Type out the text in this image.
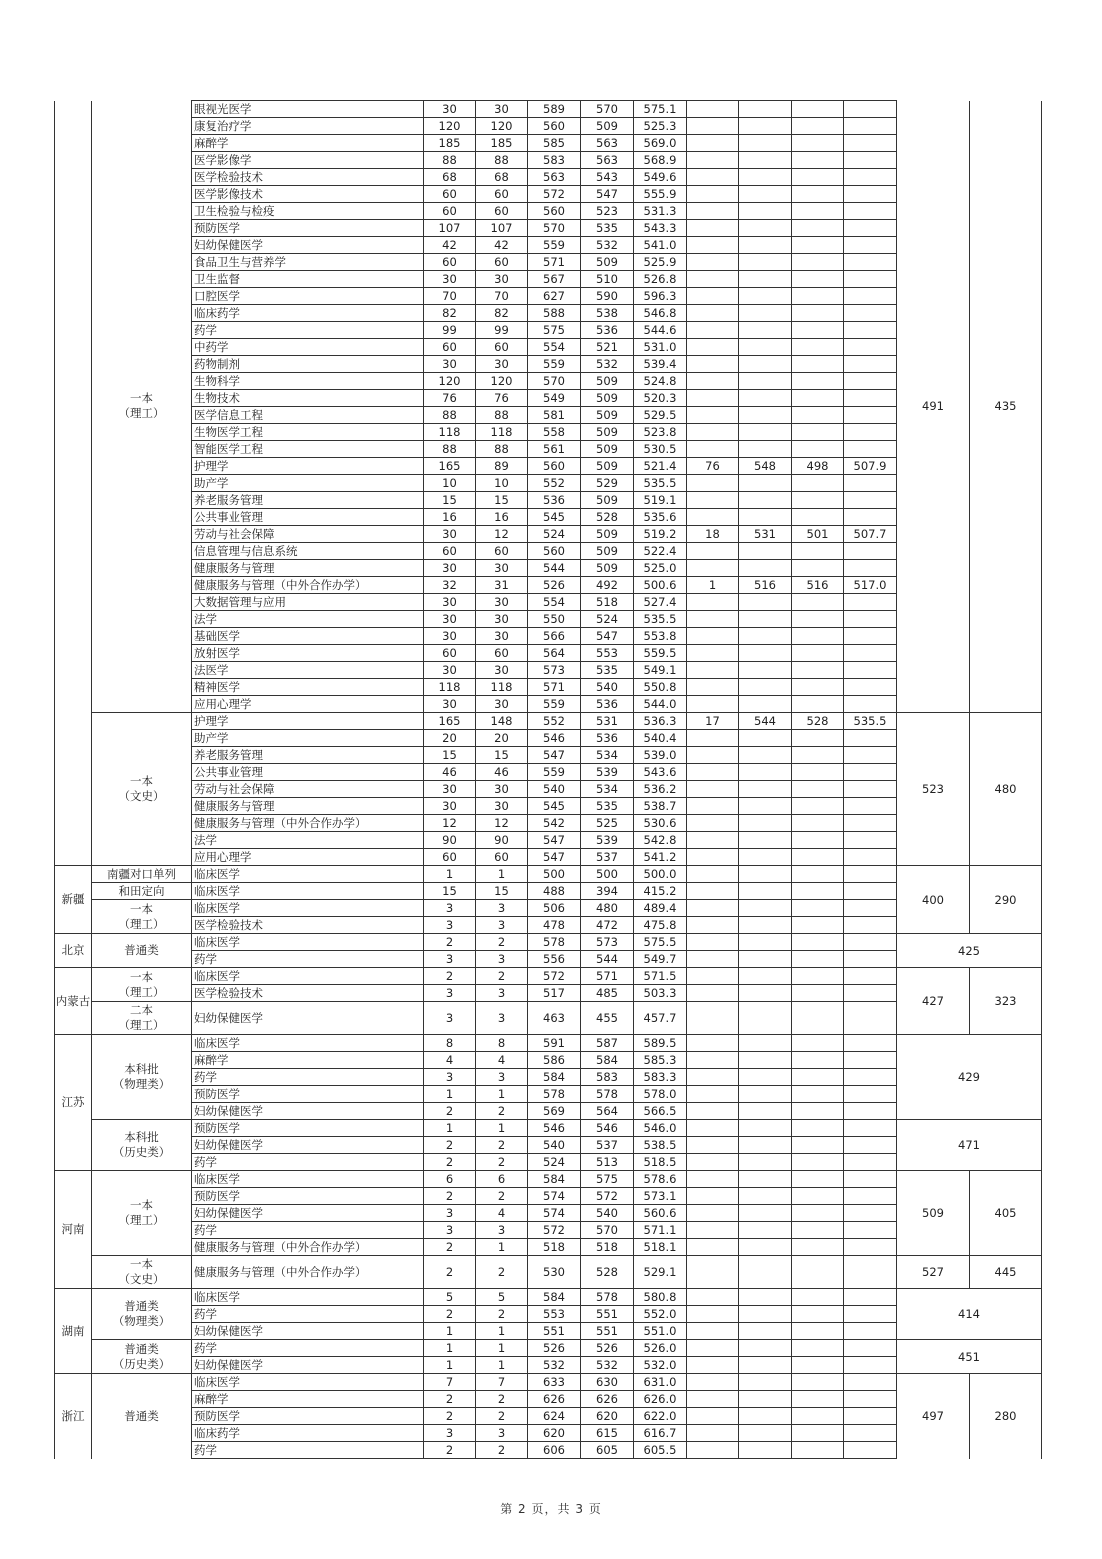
	一本
（理工）	眼视光医学	30	30	589	570	575.1					491	435
		康复治疗学	120	120	560	509	525.3						
		麻醉学	185	185	585	563	569.0						
		医学影像学	88	88	583	563	568.9						
		医学检验技术	68	68	563	543	549.6						
		医学影像技术	60	60	572	547	555.9						
		卫生检验与检疫	60	60	560	523	531.3						
		预防医学	107	107	570	535	543.3						
		妇幼保健医学	42	42	559	532	541.0						
		食品卫生与营养学	60	60	571	509	525.9						
		卫生监督	30	30	567	510	526.8						
		口腔医学	70	70	627	590	596.3						
		临床药学	82	82	588	538	546.8						
		药学	99	99	575	536	544.6						
		中药学	60	60	554	521	531.0						
		药物制剂	30	30	559	532	539.4						
		生物科学	120	120	570	509	524.8						
		生物技术	76	76	549	509	520.3						
		医学信息工程	88	88	581	509	529.5						
		生物医学工程	118	118	558	509	523.8						
		智能医学工程	88	88	561	509	530.5						
		护理学	165	89	560	509	521.4	76	548	498	507.9		
		助产学	10	10	552	529	535.5						
		养老服务管理	15	15	536	509	519.1						
		公共事业管理	16	16	545	528	535.6						
		劳动与社会保障	30	12	524	509	519.2	18	531	501	507.7		
		信息管理与信息系统	60	60	560	509	522.4						
		健康服务与管理	30	30	544	509	525.0						
		健康服务与管理（中外合作办学）	32	31	526	492	500.6	1	516	516	517.0		
		大数据管理与应用	30	30	554	518	527.4						
		法学	30	30	550	524	535.5						
		基础医学	30	30	566	547	553.8						
		放射医学	60	60	564	553	559.5						
		法医学	30	30	573	535	549.1						
		精神医学	118	118	571	540	550.8						
		应用心理学	30	30	559	536	544.0						
	一本
（文史）	护理学	165	148	552	531	536.3	17	544	528	535.5	523	480
		助产学	20	20	546	536	540.4						
		养老服务管理	15	15	547	534	539.0						
		公共事业管理	46	46	559	539	543.6						
		劳动与社会保障	30	30	540	534	536.2						
		健康服务与管理	30	30	545	535	538.7						
		健康服务与管理（中外合作办学）	12	12	542	525	530.6						
		法学	90	90	547	539	542.8						
		应用心理学	60	60	547	537	541.2						
新疆	南疆对口单列	临床医学	1	1	500	500	500.0					400	290
	和田定向	临床医学	15	15	488	394	415.2						
	一本
（理工）	临床医学	3	3	506	480	489.4						
		医学检验技术	3	3	478	472	475.8						
北京	普通类	临床医学	2	2	578	573	575.5					425	
		药学	3	3	556	544	549.7						
内蒙古	一本
（理工）	临床医学	2	2	572	571	571.5					427	323
		医学检验技术	3	3	517	485	503.3						
	二本
（理工）	妇幼保健医学	3	3	463	455	457.7						
江苏	本科批
（物理类）	临床医学	8	8	591	587	589.5					429	
		麻醉学	4	4	586	584	585.3						
		药学	3	3	584	583	583.3						
		预防医学	1	1	578	578	578.0						
		妇幼保健医学	2	2	569	564	566.5						
	本科批
（历史类）	预防医学	1	1	546	546	546.0					471	
		妇幼保健医学	2	2	540	537	538.5						
		药学	2	2	524	513	518.5						
河南	一本
（理工）	临床医学	6	6	584	575	578.6					509	405
		预防医学	2	2	574	572	573.1						
		妇幼保健医学	3	4	574	540	560.6						
		药学	3	3	572	570	571.1						
		健康服务与管理（中外合作办学）	2	1	518	518	518.1						
	一本
（文史）	健康服务与管理（中外合作办学）	2	2	530	528	529.1					527	445
湖南	普通类
（物理类）	临床医学	5	5	584	578	580.8					414	
		药学	2	2	553	551	552.0						
		妇幼保健医学	1	1	551	551	551.0						
	普通类
（历史类）	药学	1	1	526	526	526.0					451	
		妇幼保健医学	1	1	532	532	532.0						
浙江	普通类	临床医学	7	7	633	630	631.0					497	280
		麻醉学	2	2	626	626	626.0						
		预防医学	2	2	624	620	622.0						
		临床药学	3	3	620	615	616.7						
		药学	2	2	606	605	605.5						
第 2 页，共 3 页
